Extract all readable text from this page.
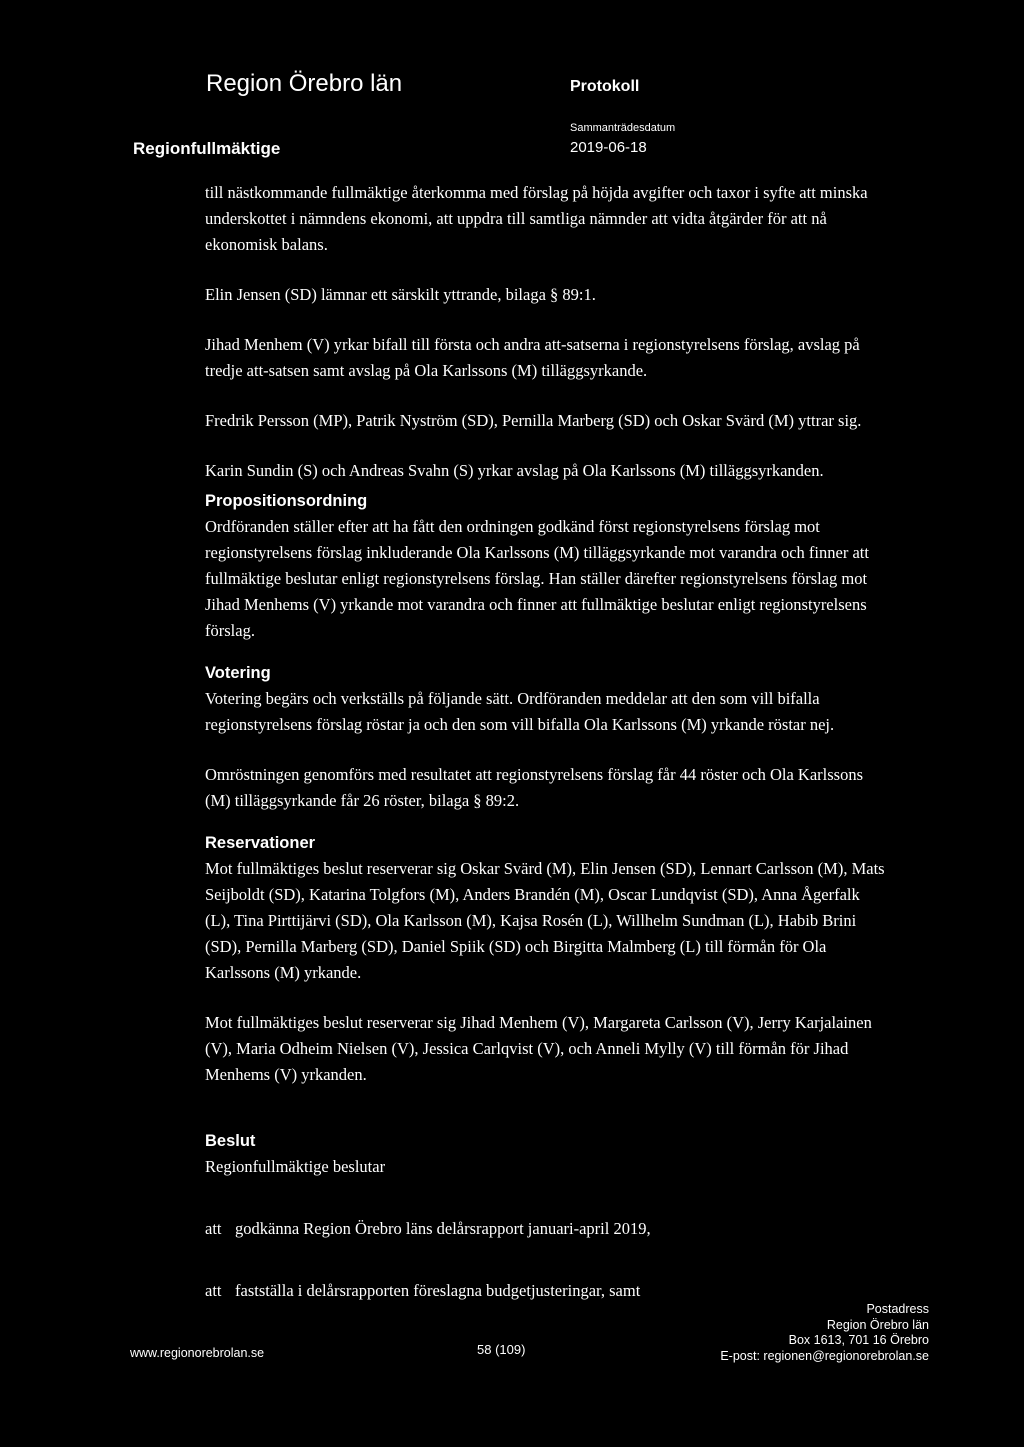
Region Örebro län	Protokoll
Regionfullmäktige
Sammanträdesdatum
2019-06-18

till nästkommande fullmäktige återkomma med förslag på höjda avgifter och taxor i syfte att minska underskottet i nämndens ekonomi, att uppdra till samtliga nämnder att vidta åtgärder för att nå ekonomisk balans.

Elin Jensen (SD) lämnar ett särskilt yttrande, bilaga § 89:1.

Jihad Menhem (V) yrkar bifall till första och andra att-satserna i regionstyrelsens förslag, avslag på tredje att-satsen samt avslag på Ola Karlssons (M) tilläggsyrkande.

Fredrik Persson (MP), Patrik Nyström (SD), Pernilla Marberg (SD) och Oskar Svärd (M) yttrar sig.

Karin Sundin (S) och Andreas Svahn (S) yrkar avslag på Ola Karlssons (M) tilläggsyrkanden.

Propositionsordning

Ordföranden ställer efter att ha fått den ordningen godkänd först regionstyrelsens förslag mot regionstyrelsens förslag inkluderande Ola Karlssons (M) tilläggsyrkande mot varandra och finner att fullmäktige beslutar enligt regionstyrelsens förslag. Han ställer därefter regionstyrelsens förslag mot Jihad Menhems (V) yrkande mot varandra och finner att fullmäktige beslutar enligt regionstyrelsens förslag.

Votering

Votering begärs och verkställs på följande sätt. Ordföranden meddelar att den som vill bifalla regionstyrelsens förslag röstar ja och den som vill bifalla Ola Karlssons (M) yrkande röstar nej.

Omröstningen genomförs med resultatet att regionstyrelsens förslag får 44 röster och Ola Karlssons (M) tilläggsyrkande får 26 röster, bilaga § 89:2.

Reservationer

Mot fullmäktiges beslut reserverar sig Oskar Svärd (M), Elin Jensen (SD), Lennart Carlsson (M), Mats Seijboldt (SD), Katarina Tolgfors (M), Anders Brandén (M), Oscar Lundqvist (SD), Anna Ågerfalk (L), Tina Pirttijärvi (SD), Ola Karlsson (M), Kajsa Rosén (L), Willhelm Sundman (L), Habib Brini (SD), Pernilla Marberg (SD), Daniel Spiik (SD) och Birgitta Malmberg (L) till förmån för Ola Karlssons (M) yrkande.

Mot fullmäktiges beslut reserverar sig Jihad Menhem (V), Margareta Carlsson (V), Jerry Karjalainen (V), Maria Odheim Nielsen (V), Jessica Carlqvist (V), och Anneli Mylly (V) till förmån för Jihad Menhems (V) yrkanden.

Beslut

Regionfullmäktige beslutar

att godkänna Region Örebro läns delårsrapport januari-april 2019,
att fastställa i delårsrapporten föreslagna budgetjusteringar, samt
www.regionorebrolan.se	58 (109)
Postadress
Region Örebro län
Box 1613, 701 16 Örebro
E-post: regionen@regionorebrolan.se
